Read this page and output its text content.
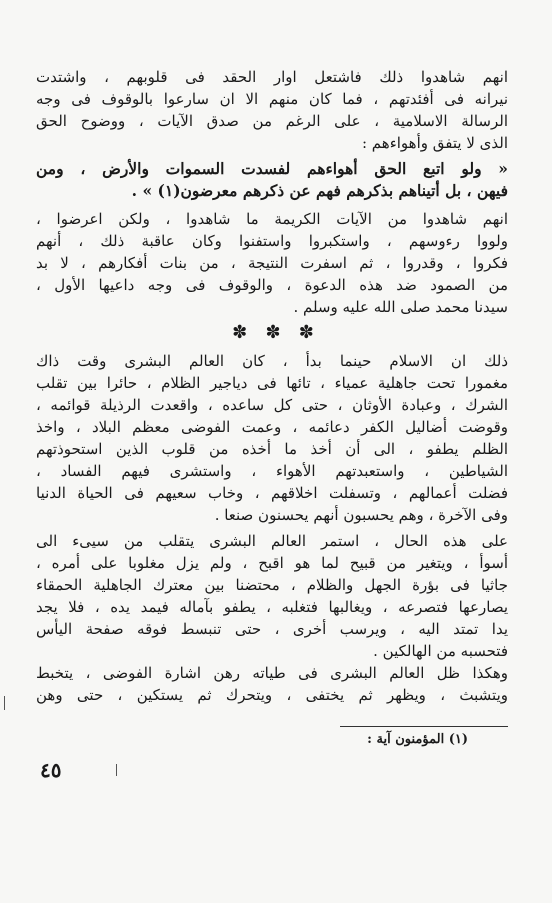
انهم شاهدوا ذلك فاشتعل اوار الحقد فى قلوبهم ، واشتدت
نيرانه فى أفئدتهم ، فما كان منهم الا ان سارعوا بالوقوف فى وجه
الرسالة الاسلامية ، على الرغم من صدق الآيات ، ووضوح الحق
الذى لا يتفق وأهواءهم :
« ولو اتبع الحق أهواءهم لفسدت السموات والأرض ، ومن
فيهن ، بل أتيناهم بذكرهم فهم عن ذكرهم معرضون(١) » .
انهم شاهدوا من الآيات الكريمة ما شاهدوا ، ولكن اعرضوا ،
ولووا رءوسهم ، واستكبروا واستفنوا وكان عاقبة ذلك ، أنهم
فكروا ، وقدروا ، ثم اسفرت النتيجة ، من بنات أفكارهم ، لا بد
من الصمود ضد هذه الدعوة ، والوقوف فى وجه داعيها الأول ،
سيدنا محمد صلى الله عليه وسلم .
✽ ✽ ✽
ذلك ان الاسلام حينما بدأ ، كان العالم البشرى وقت ذاك
مغمورا تحت جاهلية عمياء ، تائها فى دياجير الظلام ، حائرا بين تقلب
الشرك ، وعبادة الأوثان ، حتى كل ساعده ، واقعدت الرذيلة قوائمه ،
وقوضت أضاليل الكفر دعائمه ، وعمت الفوضى معظم البلاد ، واخذ
الظلم يطفو ، الى أن أخذ ما أخذه من قلوب الذين استحوذتهم
الشياطين ، واستعبدتهم الأهواء ، واستشرى فيهم الفساد ،
فضلت أعمالهم ، وتسفلت اخلاقهم ، وخاب سعيهم فى الحياة الدنيا
وفى الآخرة ، وهم يحسبون أنهم يحسنون صنعا .
على هذه الحال ، استمر العالم البشرى يتقلب من سيىء الى
أسوأ ، ويتغير من قبيح لما هو اقبح ، ولم يزل مغلوبا على أمره ،
جاثيا فى بؤرة الجهل والظلام ، محتضنا بين معترك الجاهلية الحمقاء
يصارعها فتصرعه ، ويغالبها فتغلبه ، يطفو بآماله فيمد يده ، فلا يجد
يدا تمتد اليه ، ويرسب أخرى ، حتى تنبسط فوقه صفحة اليأس
فتحسبه من الهالكين .
وهكذا ظل العالم البشرى فى طياته رهن اشارة الفوضى ، يتخبط
ويتشبث ، ويظهر ثم يختفى ، ويتحرك ثم يستكين ، حتى وهن
(١) المؤمنون آية :
٤٥
